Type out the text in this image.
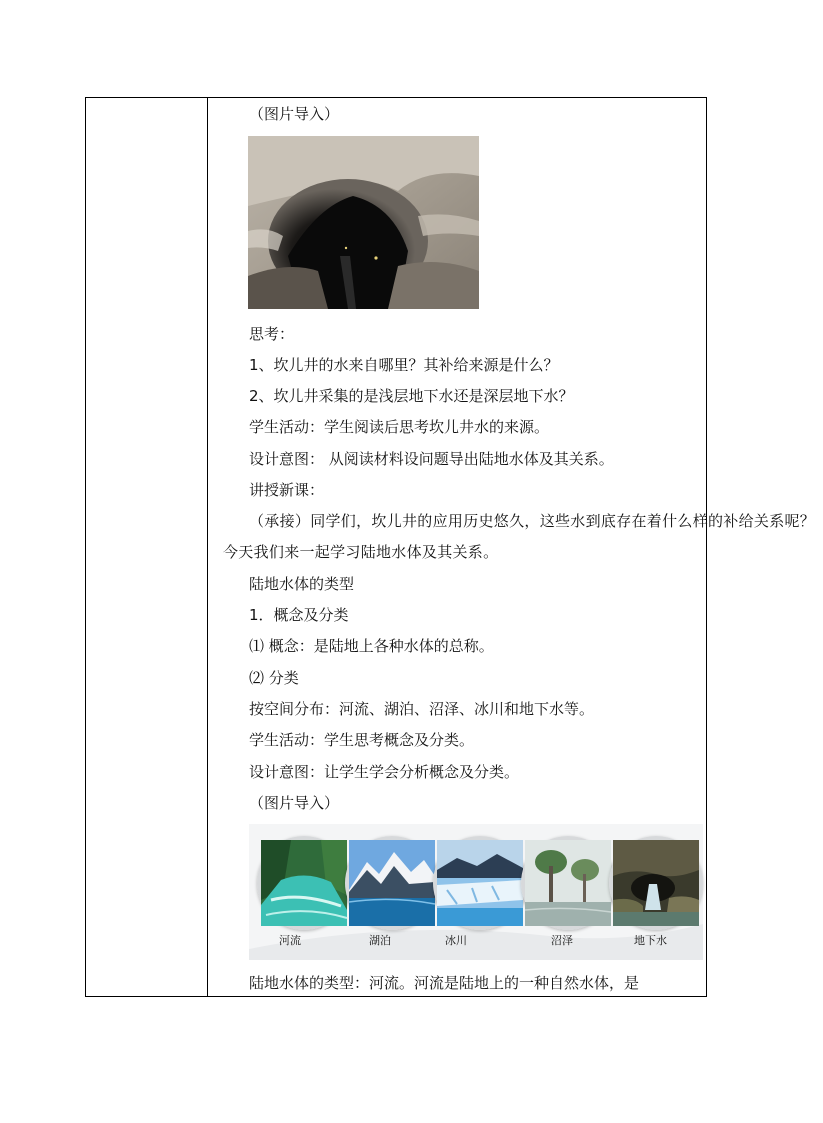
（图片导入）
思考：
1、坎儿井的水来自哪里？其补给来源是什么？
2、坎儿井采集的是浅层地下水还是深层地下水？
学生活动：学生阅读后思考坎儿井水的来源。
设计意图： 从阅读材料设问题导出陆地水体及其关系。
讲授新课：
（承接）同学们，坎儿井的应用历史悠久，这些水到底存在着什么样的补给关系呢？今天我们来一起学习陆地水体及其关系。
陆地水体的类型
1．概念及分类
⑴ 概念：是陆地上各种水体的总称。
⑵ 分类
按空间分布：河流、湖泊、沼泽、冰川和地下水等。
学生活动：学生思考概念及分类。
设计意图：让学生学会分析概念及分类。
（图片导入）
河流	湖泊	冰川	沼泽	地下水
陆地水体的类型：河流。河流是陆地上的一种自然水体，是
